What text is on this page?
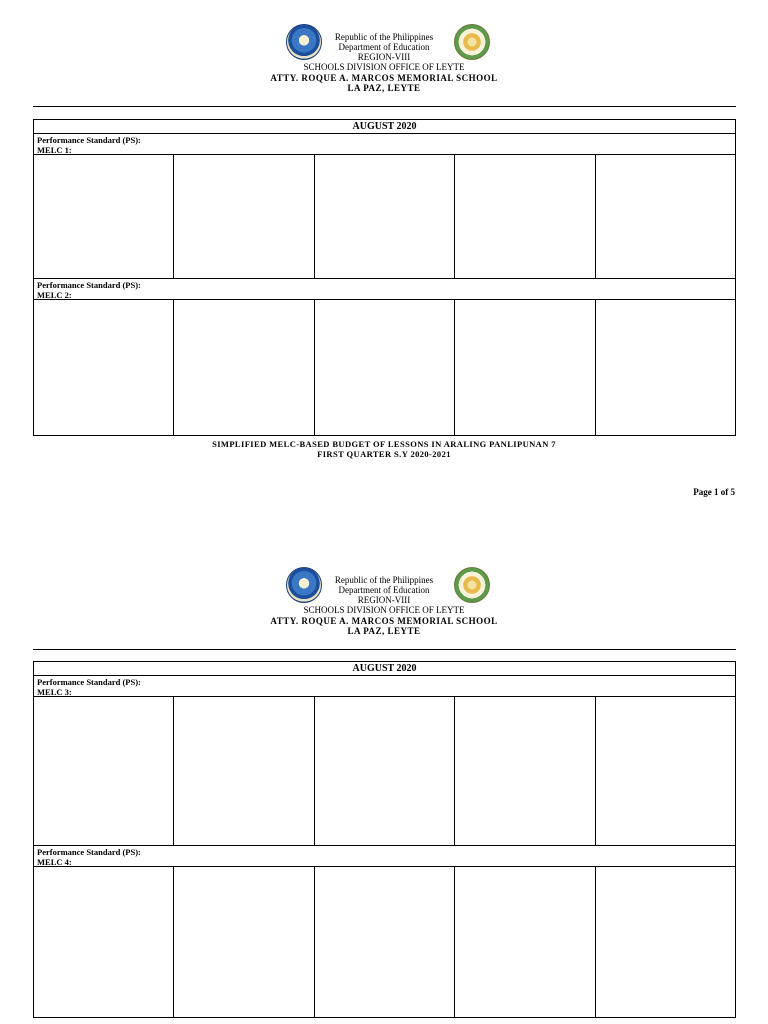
Republic of the Philippines
Department of Education
REGION-VIII
SCHOOLS DIVISION OFFICE OF LEYTE
ATTY. ROQUE A. MARCOS MEMORIAL SCHOOL
LA PAZ, LEYTE
AUGUST 2020
Performance Standard (PS):
MELC 1:
Performance Standard (PS):
MELC 2:
SIMPLIFIED MELC-BASED BUDGET OF LESSONS IN ARALING PANLIPUNAN 7
FIRST QUARTER S.Y 2020-2021
Page 1 of 5
Republic of the Philippines
Department of Education
REGION-VIII
SCHOOLS DIVISION OFFICE OF LEYTE
ATTY. ROQUE A. MARCOS MEMORIAL SCHOOL
LA PAZ, LEYTE
AUGUST 2020
Performance Standard (PS):
MELC 3:
Performance Standard (PS):
MELC 4:
